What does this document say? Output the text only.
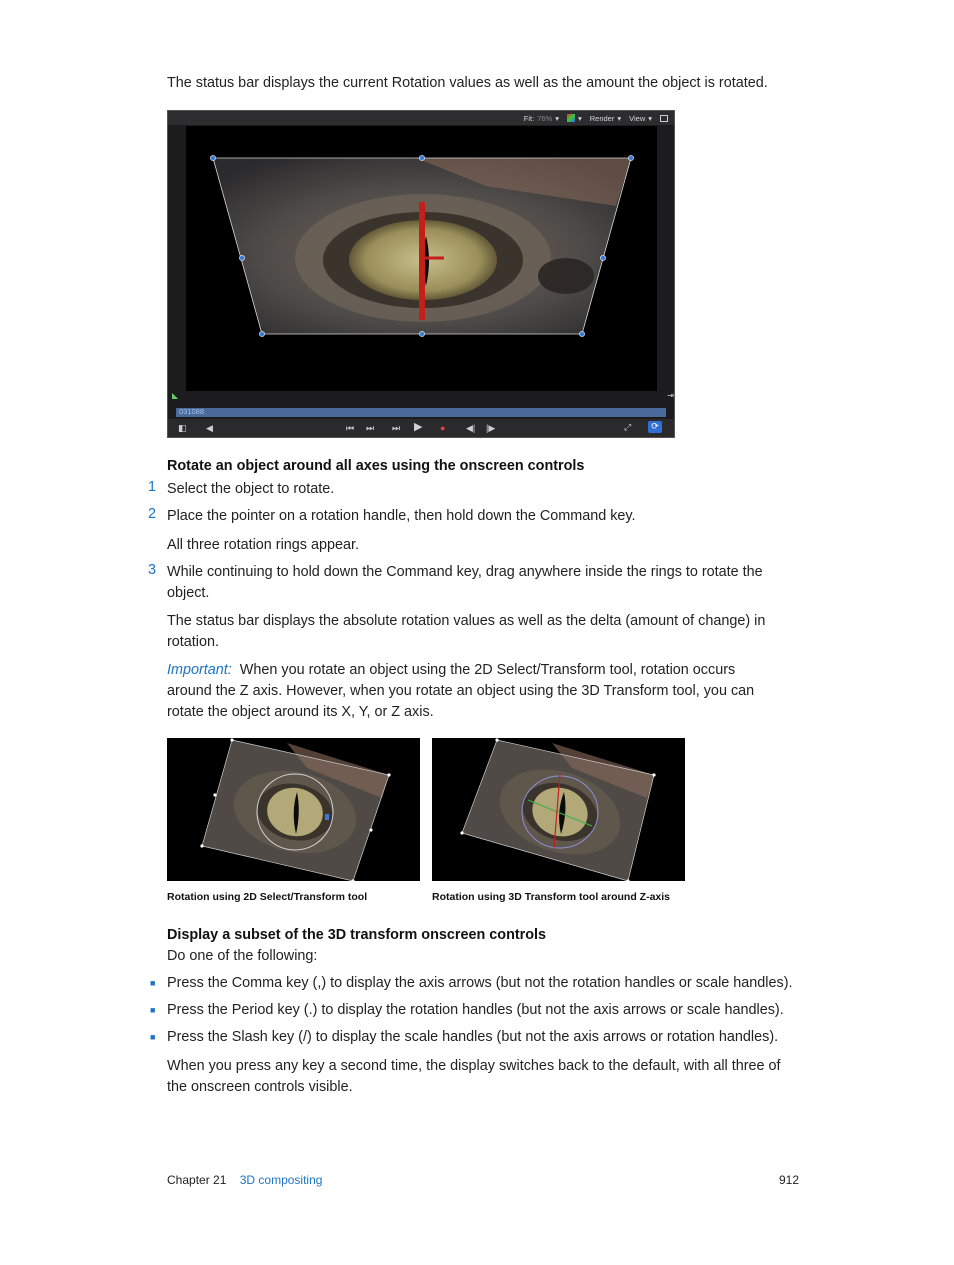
The status bar displays the current Rotation values as well as the amount the object is rotated.
Fit: 76% ▾	▾ Render ▾ View ▾
◣	⇥
031088
◧ ◀	⏮ ⏭ ⏭ ▶ ● ◀| |▶	⤢	⟳
Rotate an object around all axes using the onscreen controls
1 Select the object to rotate.
2 Place the pointer on a rotation handle, then hold down the Command key.
All three rotation rings appear.
3 While continuing to hold down the Command key, drag anywhere inside the rings to rotate the object.
The status bar displays the absolute rotation values as well as the delta (amount of change) in rotation.
Important: When you rotate an object using the 2D Select/Transform tool, rotation occurs around the Z axis. However, when you rotate an object using the 3D Transform tool, you can rotate the object around its X, Y, or Z axis.
Rotation using 2D Select/Transform tool	Rotation using 3D Transform tool around Z-axis
Display a subset of the 3D transform onscreen controls
Do one of the following:
■ Press the Comma key (,) to display the axis arrows (but not the rotation handles or scale handles).
■ Press the Period key (.) to display the rotation handles (but not the axis arrows or scale handles).
■ Press the Slash key (/) to display the scale handles (but not the axis arrows or rotation handles).
When you press any key a second time, the display switches back to the default, with all three of the onscreen controls visible.
Chapter 21 3D compositing	912
